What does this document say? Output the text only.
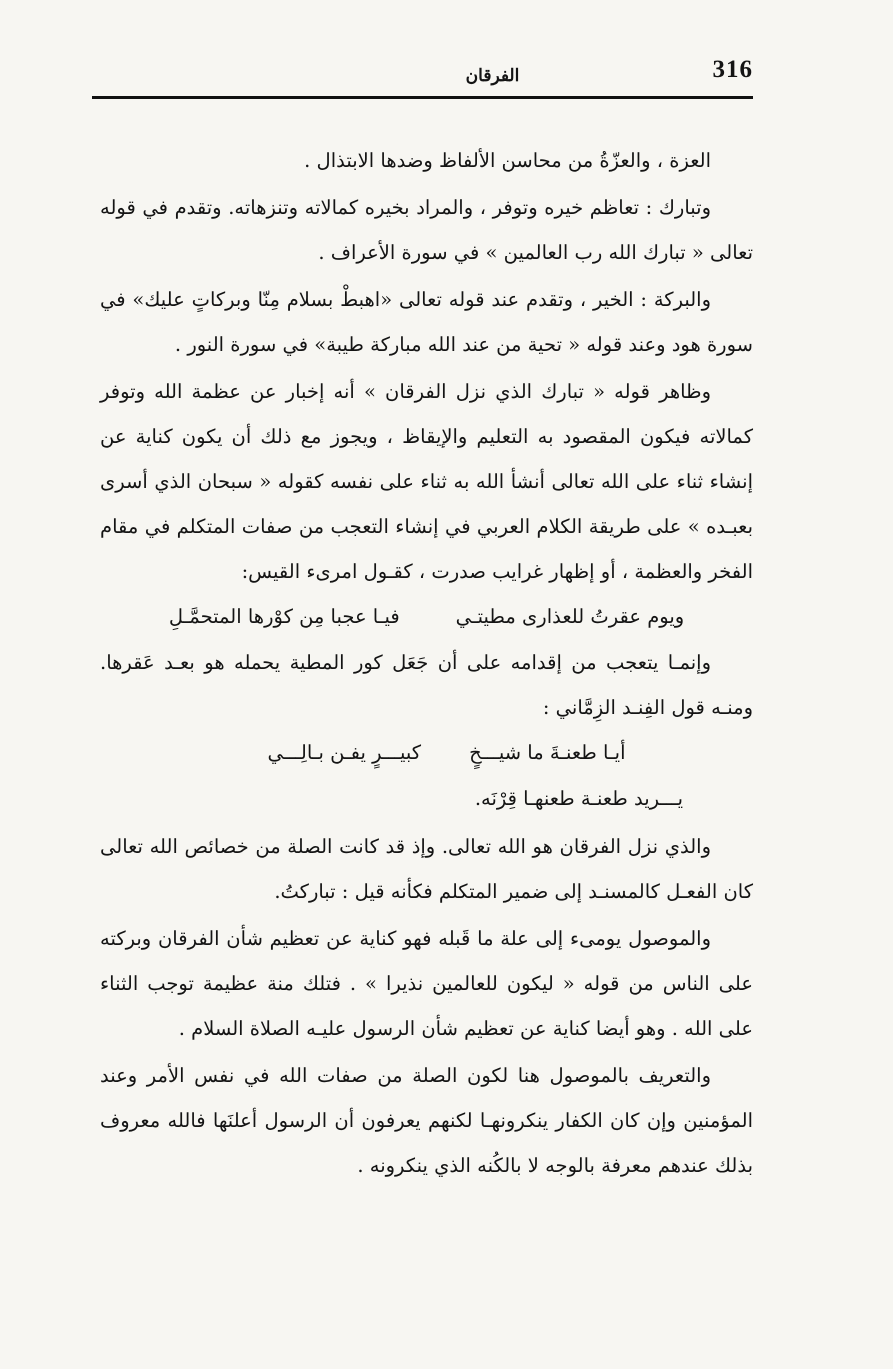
316
الفرقان

العزة ، والعزّةُ من محاسن الألفاظ وضدها الابتذال .

وتبارك : تعاظم خيره وتوفر ، والمراد بخيره كمالاته وتنزهاته. وتقدم في قوله تعالى « تبارك الله رب العالمين » في سورة الأعراف .

والبركة : الخير ، وتقدم عند قوله تعالى «اهبطْ بسلام مِنّا وبركاتٍ عليك» في سورة هود وعند قوله « تحية من عند الله مباركة طيبة» في سورة النور .

وظاهر قوله « تبارك الذي نزل الفرقان » أنه إخبار عن عظمة الله وتوفر كمالاته فيكون المقصود به التعليم والإيقاظ ، ويجوز مع ذلك أن يكون كناية عن إنشاء ثناء على الله تعالى أنشأ الله به ثناء على نفسه كقوله « سبحان الذي أسرى بعبـده » على طريقة الكلام العربي في إنشاء التعجب من صفات المتكلم في مقام الفخر والعظمة ، أو إظهار غرايب صدرت ، كقـول امرىء القيس:

ويوم عقرتُ للعذارى مطيتـي
فيـا عجبا مِن كوْرها المتحمَّـلِ

وإنمـا يتعجب من إقدامه على أن جَعَل كور المطية يحمله هو بعـد عَقرها. ومنـه قول الفِنـد الزِمَّاني :

أيـا طعنـةَ ما شيـــخٍ
كبيـــرٍ يفـن بـالِـــي

يـــريد طعنـة طعنهـا قِرْنَه.

والذي نزل الفرقان هو الله تعالى. وإذ قد كانت الصلة من خصائص الله تعالى كان الفعـل كالمسنـد إلى ضمير المتكلم فكأنه قيل : تباركتُ.

والموصول يومىء إلى علة ما قَبله فهو كناية عن تعظيم شأن الفرقان وبركته على الناس من قوله « ليكون للعالمين نذيرا » . فتلك منة عظيمة توجب الثناء على الله . وهو أيضا كناية عن تعظيم شأن الرسول عليـه الصلاة السلام .

والتعريف بالموصول هنا لكون الصلة من صفات الله في نفس الأمر وعند المؤمنين وإن كان الكفار ينكرونهـا لكنهم يعرفون أن الرسول أعلنَها فالله معروف بذلك عندهم معرفة بالوجه لا بالكُنه الذي ينكرونه .
